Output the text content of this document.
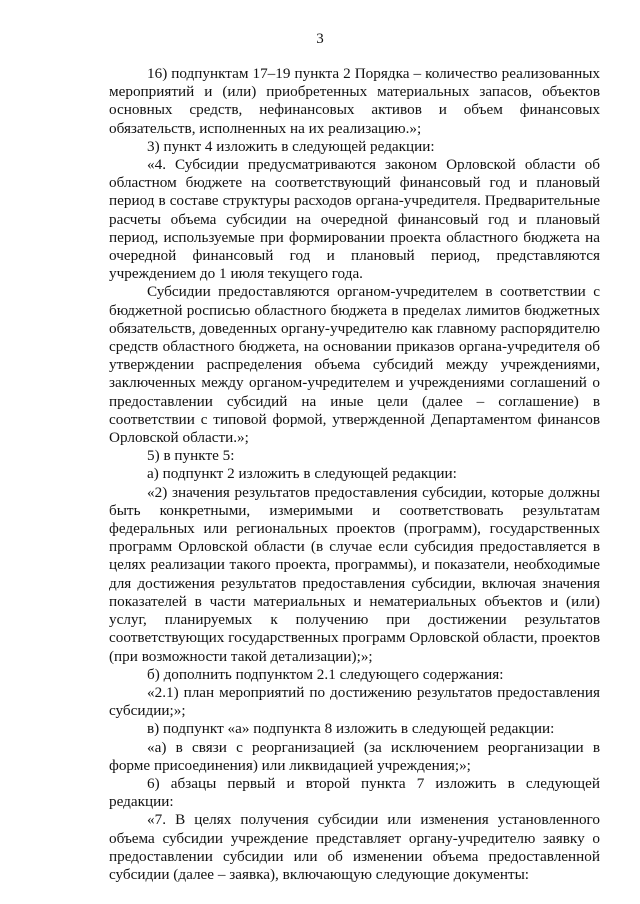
3

16) подпунктам 17–19 пункта 2 Порядка – количество реализованных мероприятий и (или) приобретенных материальных запасов, объектов основных средств, нефинансовых активов и объем финансовых обязательств, исполненных на их реализацию.»;

3) пункт 4 изложить в следующей редакции:

«4. Субсидии предусматриваются законом Орловской области об областном бюджете на соответствующий финансовый год и плановый период в составе структуры расходов органа-учредителя. Предварительные расчеты объема субсидии на очередной финансовый год и плановый период, используемые при формировании проекта областного бюджета на очередной финансовый год и плановый период, представляются учреждением до 1 июля текущего года.

Субсидии предоставляются органом-учредителем в соответствии с бюджетной росписью областного бюджета в пределах лимитов бюджетных обязательств, доведенных органу-учредителю как главному распорядителю средств областного бюджета, на основании приказов органа-учредителя об утверждении распределения объема субсидий между учреждениями, заключенных между органом-учредителем и учреждениями соглашений о предоставлении субсидий на иные цели (далее – соглашение) в соответствии с типовой формой, утвержденной Департаментом финансов Орловской области.»;

5) в пункте 5:

а) подпункт 2 изложить в следующей редакции:

«2) значения результатов предоставления субсидии, которые должны быть конкретными, измеримыми и соответствовать результатам федеральных или региональных проектов (программ), государственных программ Орловской области (в случае если субсидия предоставляется в целях реализации такого проекта, программы), и показатели, необходимые для достижения результатов предоставления субсидии, включая значения показателей в части материальных и нематериальных объектов и (или) услуг, планируемых к получению при достижении результатов соответствующих государственных программ Орловской области, проектов (при возможности такой детализации);»;

б) дополнить подпунктом 2.1 следующего содержания:

«2.1) план мероприятий по достижению результатов предоставления субсидии;»;

в) подпункт «а» подпункта 8 изложить в следующей редакции:

«а) в связи с реорганизацией (за исключением реорганизации в форме присоединения) или ликвидацией учреждения;»;

6) абзацы первый и второй пункта 7 изложить в следующей редакции:

«7. В целях получения субсидии или изменения установленного объема субсидии учреждение представляет органу-учредителю заявку о предоставлении субсидии или об изменении объема предоставленной субсидии (далее – заявка), включающую следующие документы:
